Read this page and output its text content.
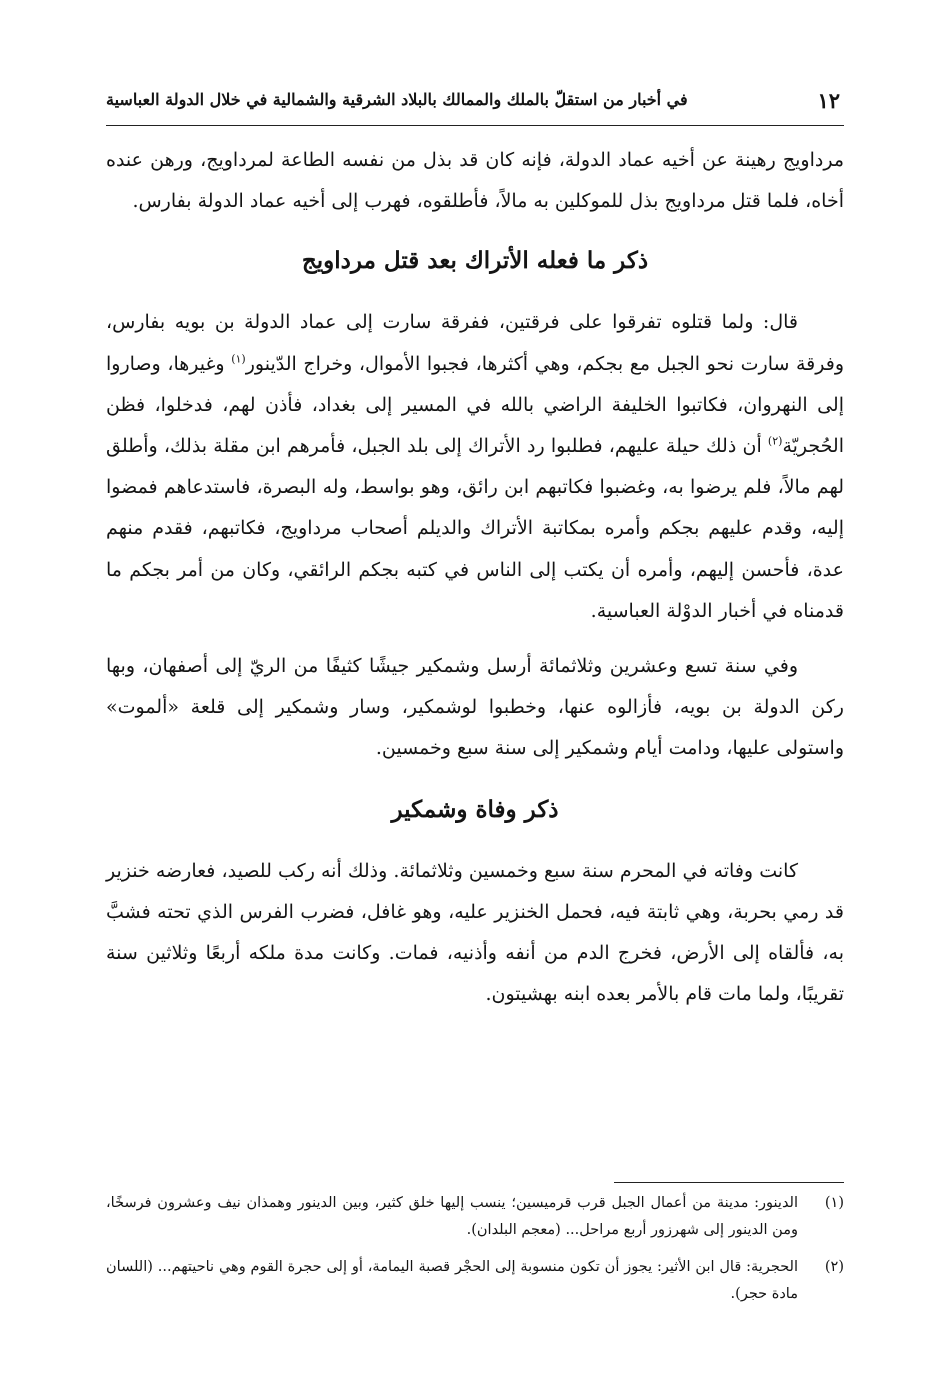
١٢
في أخبار من استقلّ بالملك والممالك بالبلاد الشرقية والشمالية في خلال الدولة العباسية

مرداويج رهينة عن أخيه عماد الدولة، فإنه كان قد بذل من نفسه الطاعة لمرداويج، ورهن عنده أخاه، فلما قتل مرداويج بذل للموكلين به مالاً، فأطلقوه، فهرب إلى أخيه عماد الدولة بفارس.

ذكر ما فعله الأتراك بعد قتل مرداويج

قال: ولما قتلوه تفرقوا على فرقتين، ففرقة سارت إلى عماد الدولة بن بويه بفارس، وفرقة سارت نحو الجبل مع بجكم، وهي أكثرها، فجبوا الأموال، وخراج الدّينور$^{(١)}$ وغيرها، وصاروا إلى النهروان، فكاتبوا الخليفة الراضي بالله في المسير إلى بغداد، فأذن لهم، فدخلوا، فظن الحُجريّة$^{(٢)}$ أن ذلك حيلة عليهم، فطلبوا رد الأتراك إلى بلد الجبل، فأمرهم ابن مقلة بذلك، وأطلق لهم مالاً، فلم يرضوا به، وغضبوا فكاتبهم ابن رائق، وهو بواسط، وله البصرة، فاستدعاهم فمضوا إليه، وقدم عليهم بجكم وأمره بمكاتبة الأتراك والديلم أصحاب مرداويج، فكاتبهم، فقدم منهم عدة، فأحسن إليهم، وأمره أن يكتب إلى الناس في كتبه بجكم الرائقي، وكان من أمر بجكم ما قدمناه في أخبار الدوْلة العباسية.

وفي سنة تسع وعشرين وثلاثمائة أرسل وشمكير جيشًا كثيفًا من الريّ إلى أصفهان، وبها ركن الدولة بن بويه، فأزالوه عنها، وخطبوا لوشمكير، وسار وشمكير إلى قلعة «ألموت» واستولى عليها، ودامت أيام وشمكير إلى سنة سبع وخمسين.

ذكر وفاة وشمكير

كانت وفاته في المحرم سنة سبع وخمسين وثلاثمائة. وذلك أنه ركب للصيد، فعارضه خنزير قد رمي بحربة، وهي ثابتة فيه، فحمل الخنزير عليه، وهو غافل، فضرب الفرس الذي تحته فشبَّ به، فألقاه إلى الأرض، فخرج الدم من أنفه وأذنيه، فمات. وكانت مدة ملكه أربعًا وثلاثين سنة تقريبًا، ولما مات قام بالأمر بعده ابنه بهشيتون.

(١)
الدينور: مدينة من أعمال الجبل قرب قرميسين؛ ينسب إليها خلق كثير، وبين الدينور وهمذان نيف وعشرون فرسخًا، ومن الدينور إلى شهرزور أربع مراحل... (معجم البلدان).
(٢)
الحجرية: قال ابن الأثير: يجوز أن تكون منسوبة إلى الحجْر قصبة اليمامة، أو إلى حجرة القوم وهي ناحيتهم... (اللسان مادة حجر).
